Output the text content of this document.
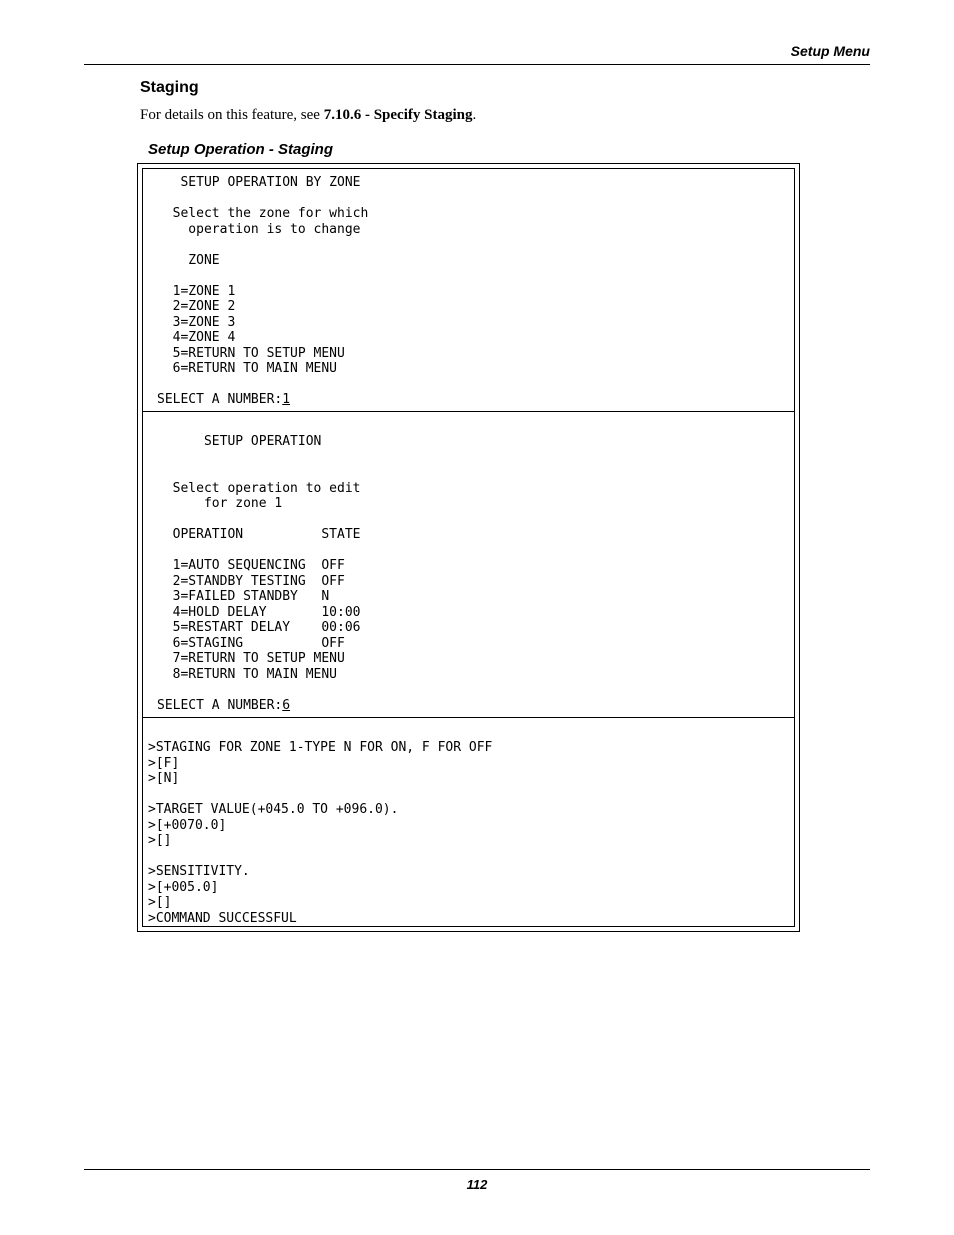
Setup Menu
Staging
For details on this feature, see 7.10.6 - Specify Staging.
Setup Operation - Staging
SETUP OPERATION BY ZONE

Select the zone for which
operation is to change

ZONE

1=ZONE 1
2=ZONE 2
3=ZONE 3
4=ZONE 4
5=RETURN TO SETUP MENU
6=RETURN TO MAIN MENU

SELECT A NUMBER:1
SETUP OPERATION

Select operation to edit
for zone 1

OPERATION          STATE

1=AUTO SEQUENCING  OFF
2=STANDBY TESTING  OFF
3=FAILED STANDBY   N
4=HOLD DELAY       10:00
5=RESTART DELAY    00:06
6=STAGING          OFF
7=RETURN TO SETUP MENU
8=RETURN TO MAIN MENU

SELECT A NUMBER:6
>STAGING FOR ZONE 1-TYPE N FOR ON, F FOR OFF
>[F]
>[N]

>TARGET VALUE(+045.0 TO +096.0).
>[+0070.0]
>[]

>SENSITIVITY.
>[+005.0]
>[]
>COMMAND SUCCESSFUL
112
